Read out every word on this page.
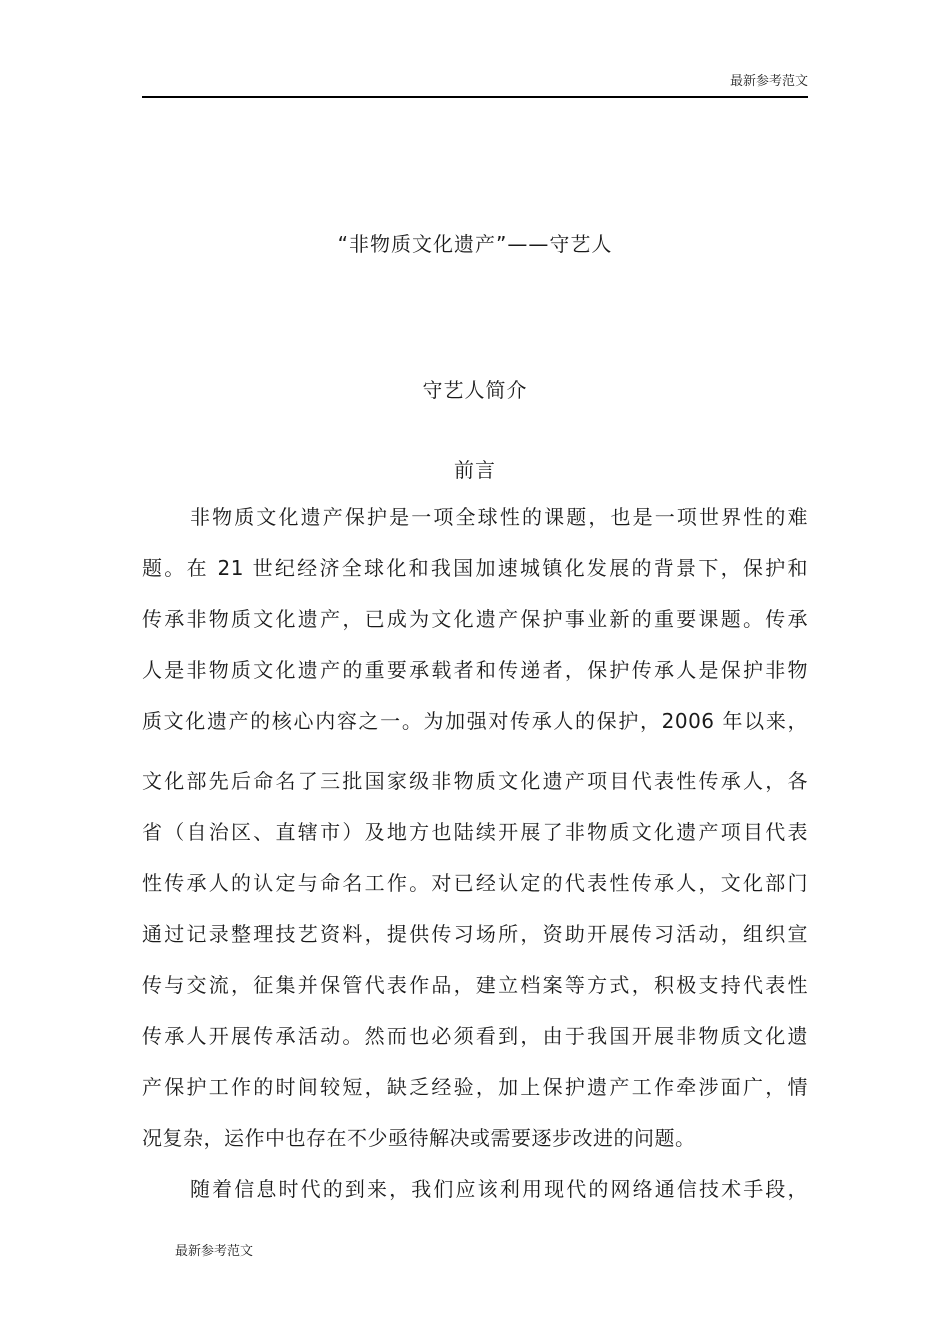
最新参考范文
“非物质文化遗产”——守艺人
守艺人简介
前言
非物质文化遗产保护是一项全球性的课题，也是一项世界性的难
题。在 21 世纪经济全球化和我国加速城镇化发展的背景下，保护和
传承非物质文化遗产，已成为文化遗产保护事业新的重要课题。传承
人是非物质文化遗产的重要承载者和传递者，保护传承人是保护非物
质文化遗产的核心内容之一。为加强对传承人的保护，2006 年以来，
文化部先后命名了三批国家级非物质文化遗产项目代表性传承人，各
省（自治区、直辖市）及地方也陆续开展了非物质文化遗产项目代表
性传承人的认定与命名工作。对已经认定的代表性传承人，文化部门
通过记录整理技艺资料，提供传习场所，资助开展传习活动，组织宣
传与交流，征集并保管代表作品，建立档案等方式，积极支持代表性
传承人开展传承活动。然而也必须看到，由于我国开展非物质文化遗
产保护工作的时间较短，缺乏经验，加上保护遗产工作牵涉面广，情
况复杂，运作中也存在不少亟待解决或需要逐步改进的问题。
随着信息时代的到来，我们应该利用现代的网络通信技术手段，
最新参考范文
